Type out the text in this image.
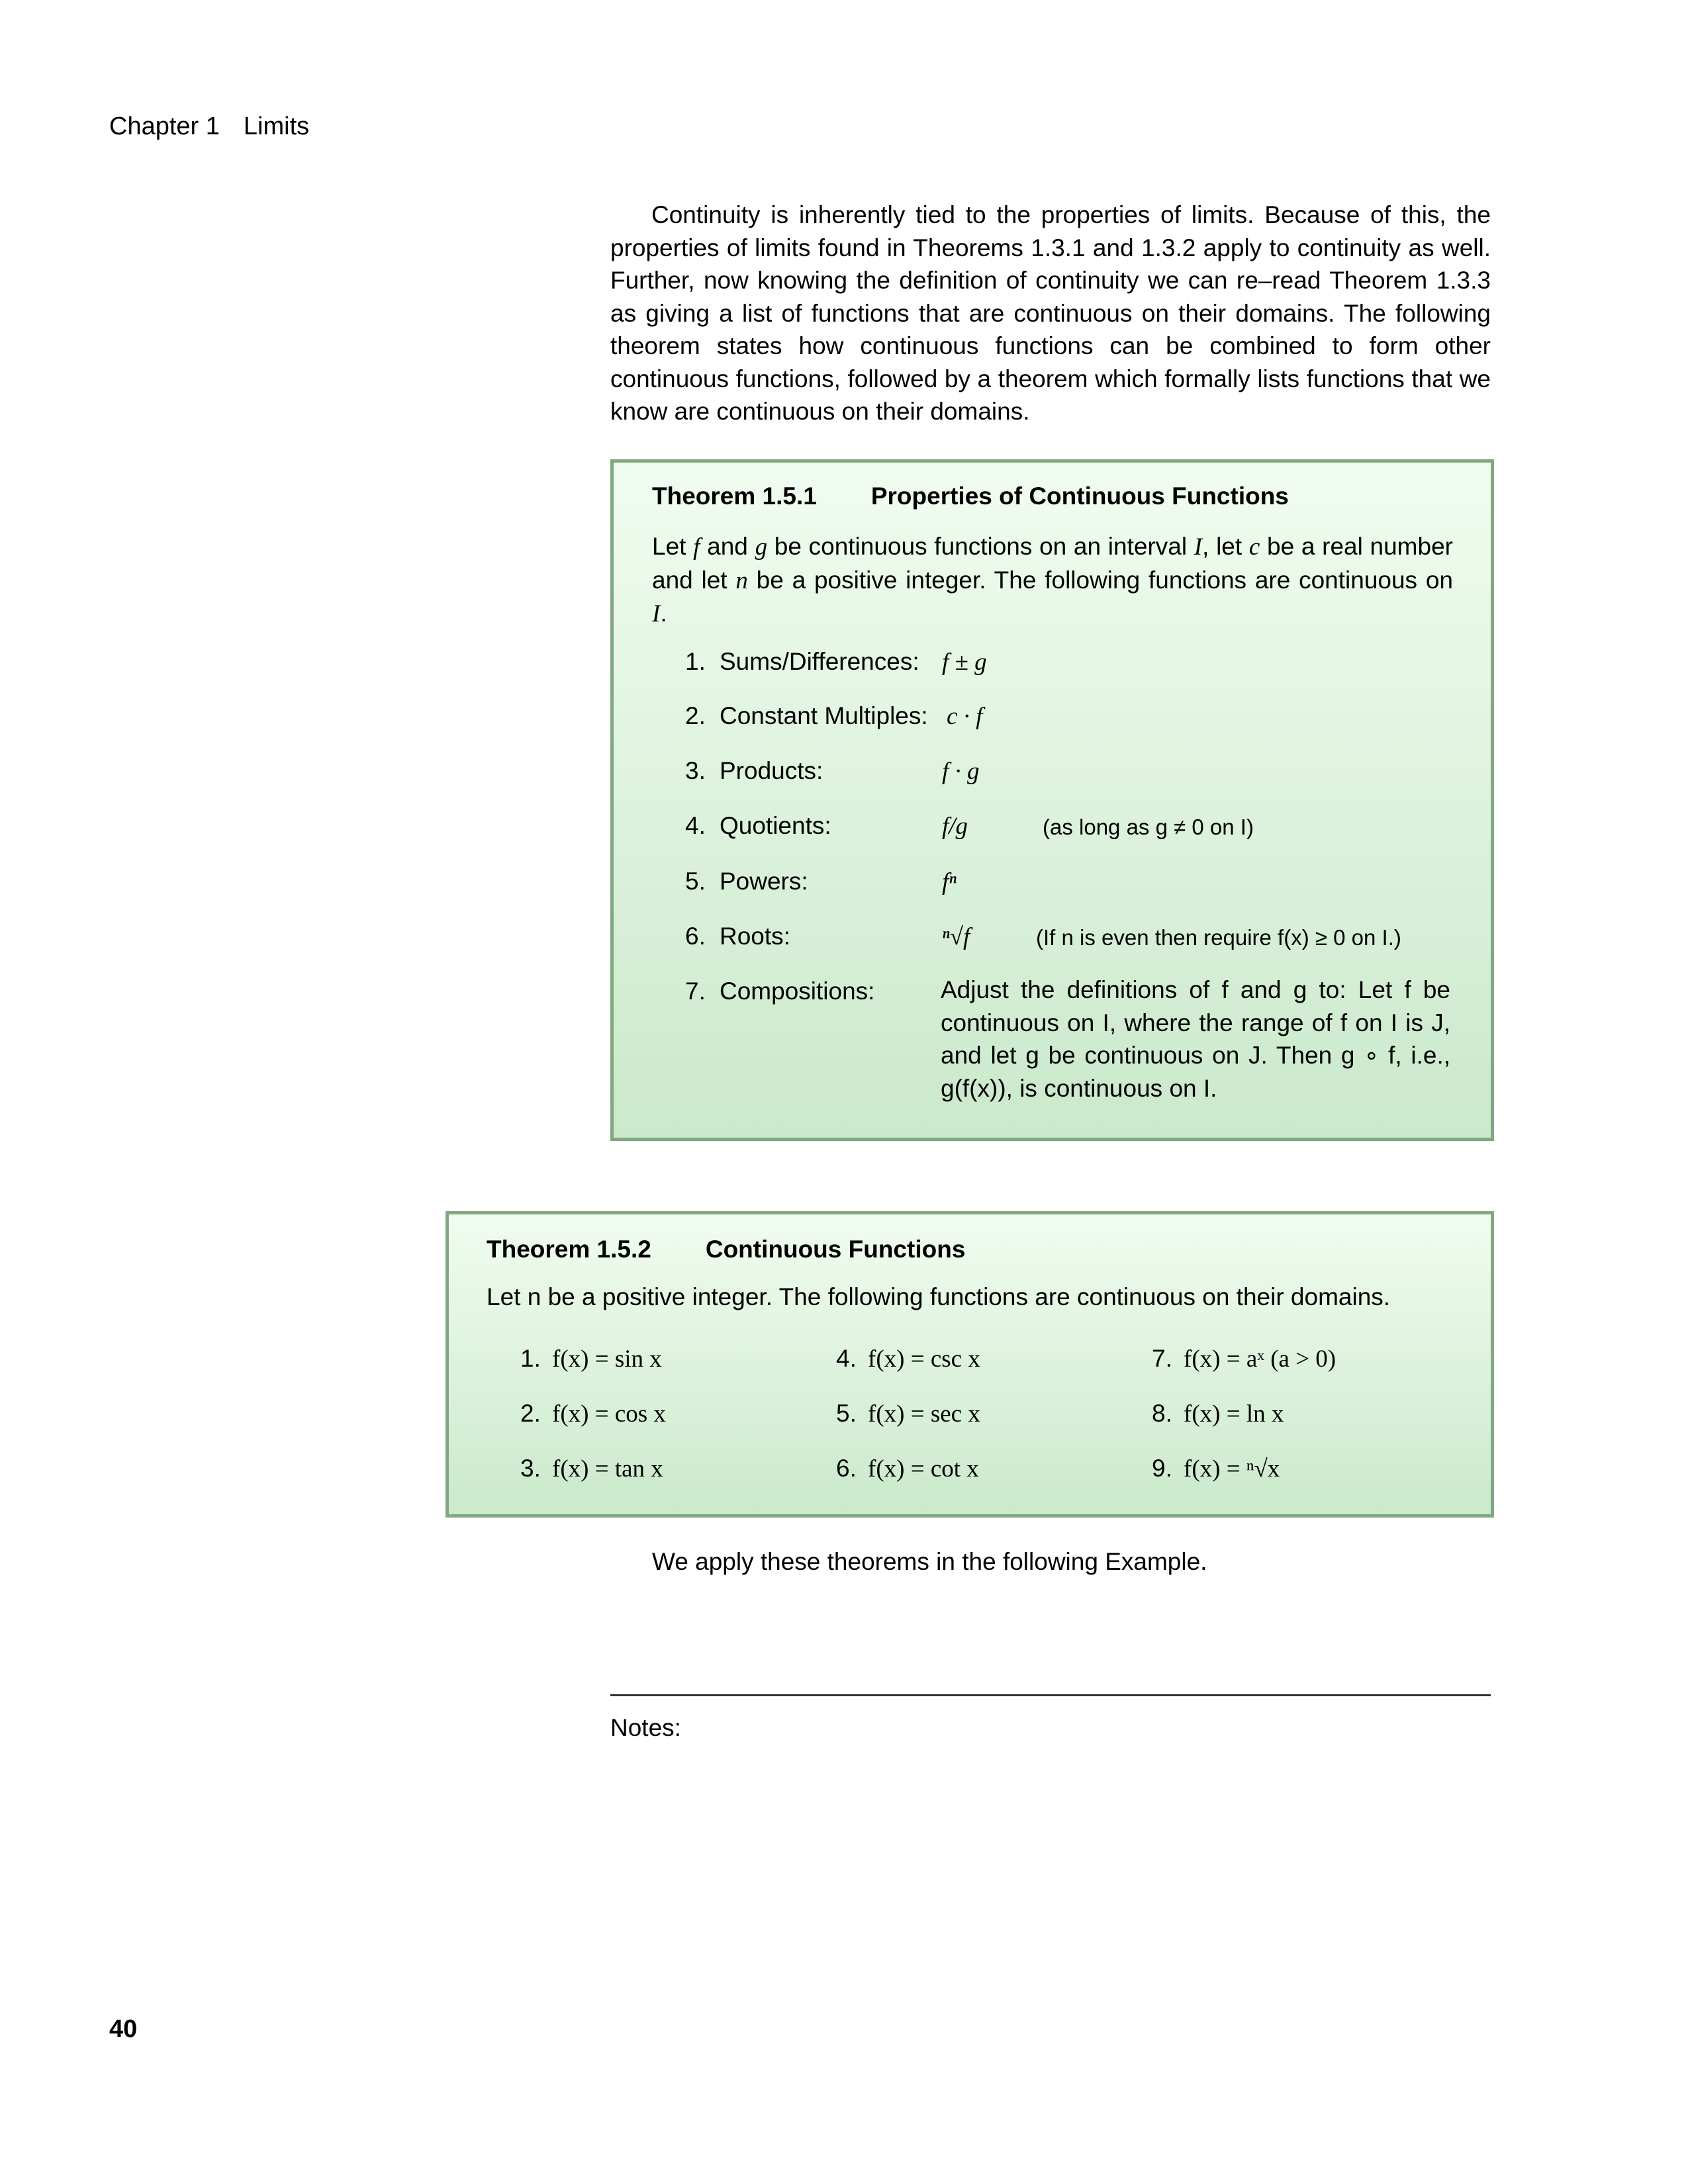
Chapter 1 Limits
Continuity is inherently tied to the properties of limits. Because of this, the properties of limits found in Theorems 1.3.1 and 1.3.2 apply to continuity as well. Further, now knowing the definition of continuity we can re–read Theorem 1.3.3 as giving a list of functions that are continuous on their domains. The following theorem states how continuous functions can be combined to form other continuous functions, followed by a theorem which formally lists functions that we know are continuous on their domains.
Theorem 1.5.1 Properties of Continuous Functions
Let f and g be continuous functions on an interval I, let c be a real number and let n be a positive integer. The following functions are continuous on I.
1. Sums/Differences: f ± g
2. Constant Multiples: c · f
3. Products:	f · g
4. Quotients:	f/g	(as long as g ≠ 0 on I)
5. Powers:	fⁿ
6. Roots:	ⁿ√f	(If n is even then require f(x) ≥ 0 on I.)
7. Compositions:	Adjust the definitions of f and g to: Let f be continuous on I, where the range of f on I is J, and let g be continuous on J. Then g ∘ f, i.e., g(f(x)), is continuous on I.
Theorem 1.5.2 Continuous Functions
Let n be a positive integer. The following functions are continuous on their domains.
1. f(x) = sin x
2. f(x) = cos x
3. f(x) = tan x
4. f(x) = csc x
5. f(x) = sec x
6. f(x) = cot x
7. f(x) = aˣ (a > 0)
8. f(x) = ln x
9. f(x) = ⁿ√x
We apply these theorems in the following Example.
Notes:
40
